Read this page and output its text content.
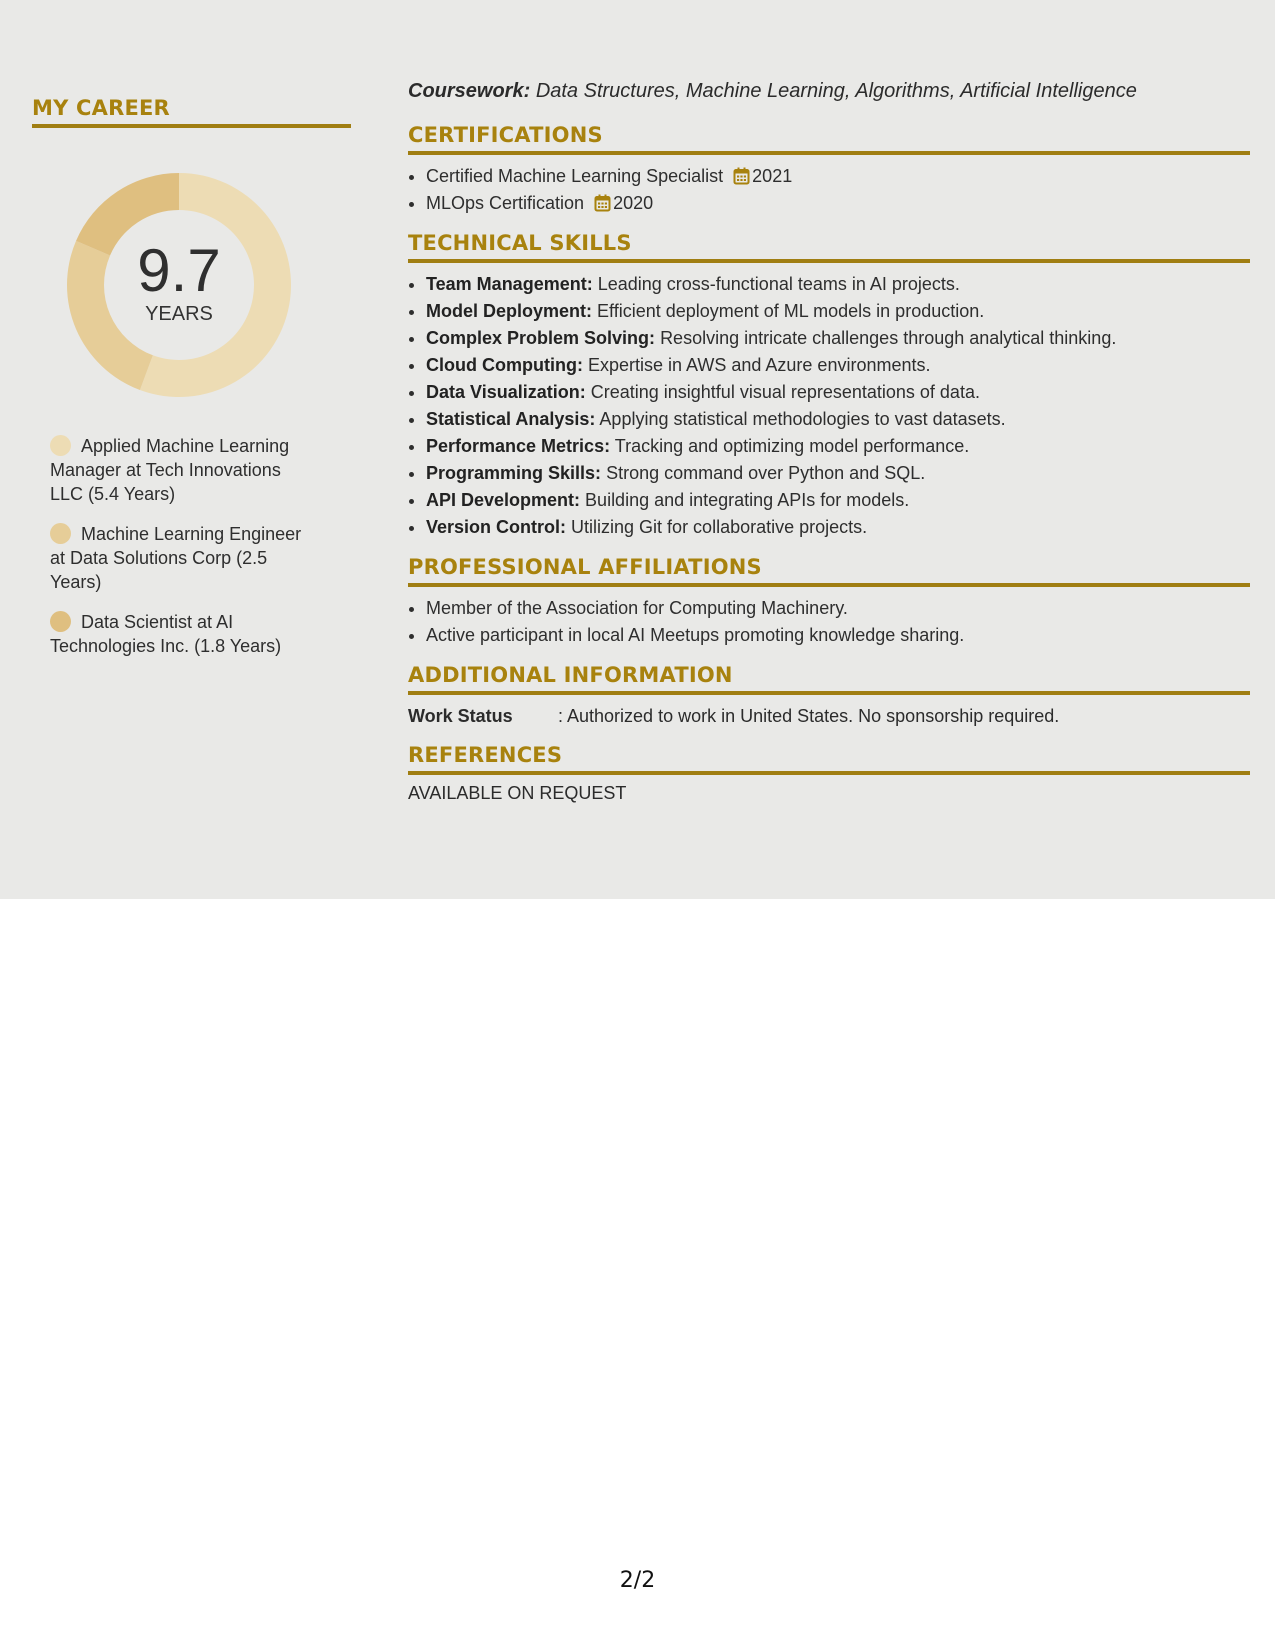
MY CAREER
9.7
YEARS
Applied Machine Learning Manager at Tech Innovations LLC (5.4 Years)
Machine Learning Engineer at Data Solutions Corp (2.5 Years)
Data Scientist at AI Technologies Inc. (1.8 Years)

Coursework: Data Structures, Machine Learning, Algorithms, Artificial Intelligence

CERTIFICATIONS
• Certified Machine Learning Specialist 2021
• MLOps Certification 2020
TECHNICAL SKILLS
• Team Management: Leading cross-functional teams in AI projects.
• Model Deployment: Efficient deployment of ML models in production.
• Complex Problem Solving: Resolving intricate challenges through analytical thinking.
• Cloud Computing: Expertise in AWS and Azure environments.
• Data Visualization: Creating insightful visual representations of data.
• Statistical Analysis: Applying statistical methodologies to vast datasets.
• Performance Metrics: Tracking and optimizing model performance.
• Programming Skills: Strong command over Python and SQL.
• API Development: Building and integrating APIs for models.
• Version Control: Utilizing Git for collaborative projects.
PROFESSIONAL AFFILIATIONS
• Member of the Association for Computing Machinery.
• Active participant in local AI Meetups promoting knowledge sharing.
ADDITIONAL INFORMATION

Work Status	: Authorized to work in United States. No sponsorship required.

REFERENCES

AVAILABLE ON REQUEST

2/2
